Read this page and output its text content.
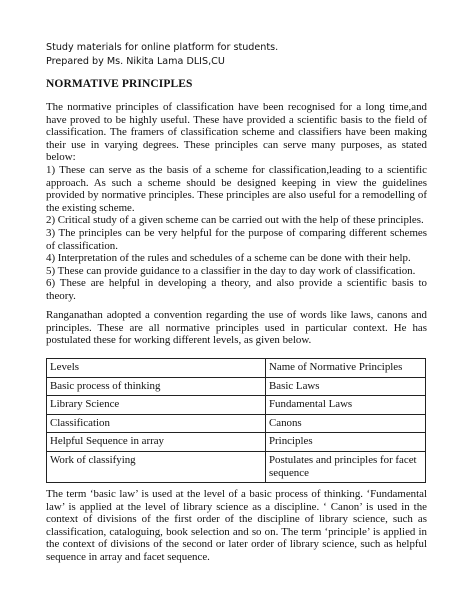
Study materials for online platform for students.
Prepared by Ms. Nikita Lama DLIS,CU
NORMATIVE PRINCIPLES

The normative principles of classification have been recognised for a long time,and have proved to be highly useful. These have provided a scientific basis to the field of classification. The framers of classification scheme and classifiers have been making their use in varying degrees. These principles can serve many purposes, as stated below:

1) These can serve as the basis of a scheme for classification,leading to a scientific approach. As such a scheme should be designed keeping in view the guidelines provided by normative principles. These principles are also useful for a remodelling of the existing scheme.

2) Critical study of a given scheme can be carried out with the help of these principles.

3) The principles can be very helpful for the purpose of comparing different schemes of classification.

4) Interpretation of the rules and schedules of a scheme can be done with their help.

5) These can provide guidance to a classifier in the day to day work of classification.

6) These are helpful in developing a theory, and also provide a scientific basis to theory.

Ranganathan adopted a convention regarding the use of words like laws, canons and principles. These are all normative principles used in particular context. He has postulated these for working different levels, as given below.

Levels	Name of Normative Principles
Basic process of thinking	Basic Laws
Library Science	Fundamental Laws
Classification	Canons
Helpful Sequence in array	Principles
Work of classifying	Postulates and principles for facet
sequence

The term ‘basic law’ is used at the level of a basic process of thinking. ‘Fundamental law’ is applied at the level of library science as a discipline. ‘ Canon’ is used in the context of divisions of the first order of the discipline of library science, such as classification, cataloguing, book selection and so on. The term ‘principle’ is applied in the context of divisions of the second or later order of library science, such as helpful sequence in array and facet sequence.
